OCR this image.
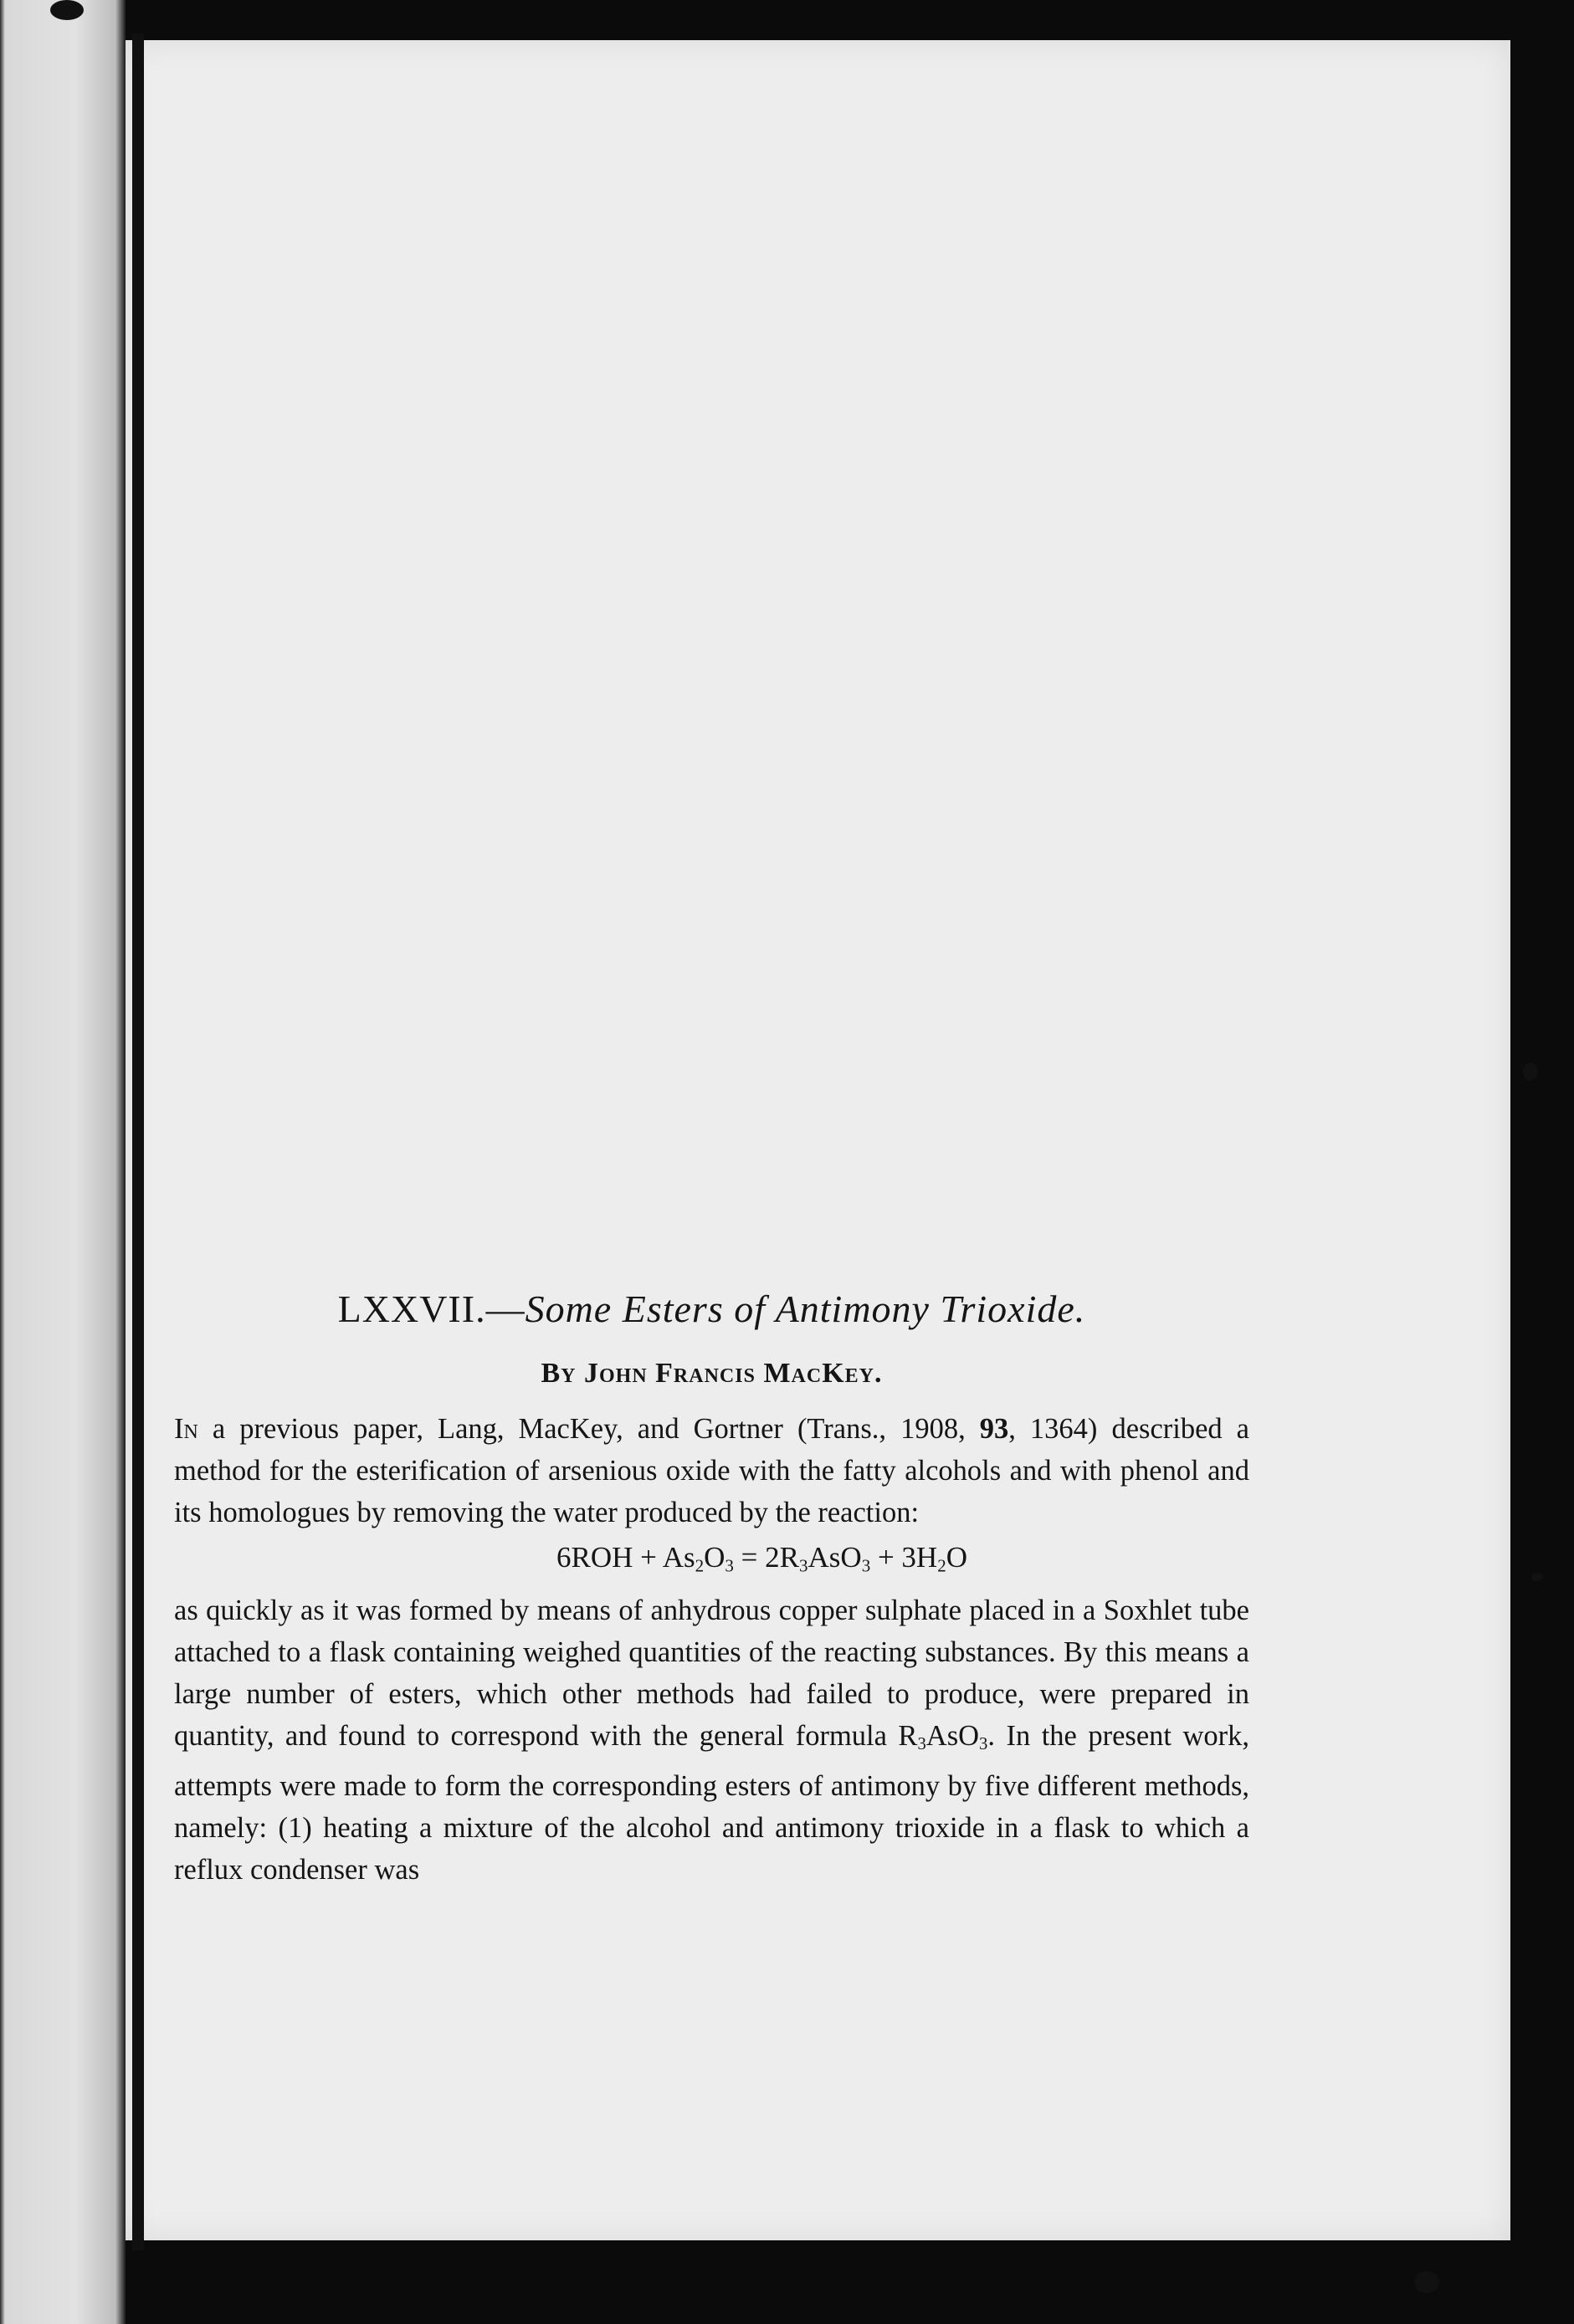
LXXVII.—Some Esters of Antimony Trioxide.
By John Francis MacKey.

In a previous paper, Lang, MacKey, and Gortner (Trans., 1908, 93, 1364) described a method for the esterification of arsenious oxide with the fatty alcohols and with phenol and its homologues by removing the water produced by the reaction:

$6ROH + As_2O_3 = 2R_3AsO_3 + 3H_2O$

as quickly as it was formed by means of anhydrous copper sulphate placed in a Soxhlet tube attached to a flask containing weighed quantities of the reacting substances. By this means a large number of esters, which other methods had failed to produce, were prepared in quantity, and found to correspond with the general formula $R_3AsO_3$. In the present work, attempts were made to form the corresponding esters of antimony by five different methods, namely: (1) heating a mixture of the alcohol and antimony trioxide in a flask to which a reflux condenser was
